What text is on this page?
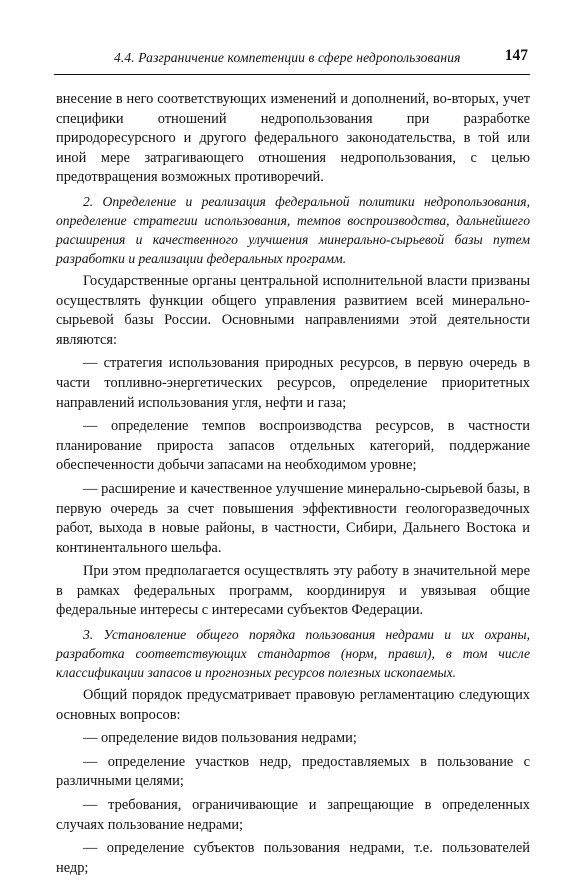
4.4. Разграничение компетенции в сфере недропользования	147

внесение в него соответствующих изменений и дополнений, во-вторых, учет специфики отношений недропользования при разработке природоресурсного и другого федерального законодательства, в той или иной мере затрагивающего отношения недропользования, с целью предотвращения возможных противоречий.

2. Определение и реализация федеральной политики недропользования, определение стратегии использования, темпов воспроизводства, дальнейшего расширения и качественного улучшения минерально-сырьевой базы путем разработки и реализации федеральных программ.

Государственные органы центральной исполнительной власти призваны осуществлять функции общего управления развитием всей минерально-сырьевой базы России. Основными направлениями этой деятельности являются:

— стратегия использования природных ресурсов, в первую очередь в части топливно-энергетических ресурсов, определение приоритетных направлений использования угля, нефти и газа;

— определение темпов воспроизводства ресурсов, в частности планирование прироста запасов отдельных категорий, поддержание обеспеченности добычи запасами на необходимом уровне;

— расширение и качественное улучшение минерально-сырьевой базы, в первую очередь за счет повышения эффективности геологоразведочных работ, выхода в новые районы, в частности, Сибири, Дальнего Востока и континентального шельфа.

При этом предполагается осуществлять эту работу в значительной мере в рамках федеральных программ, координируя и увязывая общие федеральные интересы с интересами субъектов Федерации.

3. Установление общего порядка пользования недрами и их охраны, разработка соответствующих стандартов (норм, правил), в том числе классификации запасов и прогнозных ресурсов полезных ископаемых.

Общий порядок предусматривает правовую регламентацию следующих основных вопросов:

— определение видов пользования недрами;

— определение участков недр, предоставляемых в пользование с различными целями;

— требования, ограничивающие и запрещающие в определенных случаях пользование недрами;

— определение субъектов пользования недрами, т.е. пользователей недр;
